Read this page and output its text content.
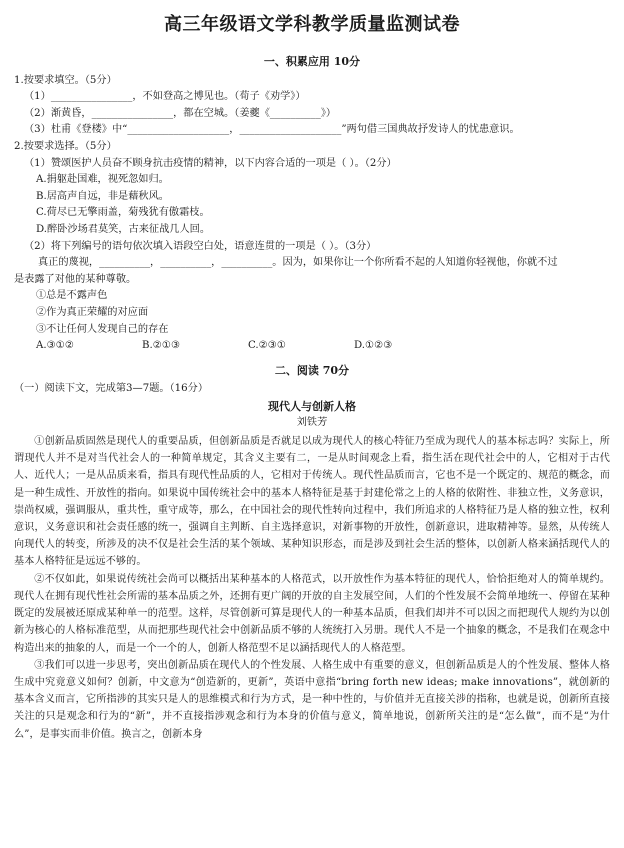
高三年级语文学科教学质量监测试卷
一、积累应用 10分
1.按要求填空。（5分）
（1）________________，不如登高之博见也。（荀子《劝学》）
（2）渐黄昏，________________，都在空城。（姜夔《__________》）
（3）杜甫《登楼》中“____________________，____________________”两句借三国典故抒发诗人的忧患意识。
2.按要求选择。（5分）
（1）赞颂医护人员奋不顾身抗击疫情的精神，以下内容合适的一项是（ ）。（2分）
A.捐躯赴国难，视死忽如归。
B.居高声自远，非是藉秋风。
C.荷尽已无擎雨盖，菊残犹有傲霜枝。
D.醉卧沙场君莫笑，古来征战几人回。
（2）将下列编号的语句依次填入语段空白处，语意连贯的一项是（ ）。（3分）
真正的蔑视，__________，__________，__________。因为，如果你让一个你所看不起的人知道你轻视他，你就不过
是表露了对他的某种尊敬。
①总是不露声色
②作为真正荣耀的对应面
③不让任何人发现自己的存在
A.③①②	B.②①③	C.②③①	D.①②③
二、阅读 70分
（一）阅读下文，完成第3—7题。（16分）
现代人与创新人格
刘铁芳

①创新品质固然是现代人的重要品质，但创新品质是否就足以成为现代人的核心特征乃至成为现代人的基本标志吗？实际上，所谓现代人并不是对当代社会人的一种简单规定，其含义主要有二，一是从时间观念上看，指生活在现代社会中的人，它相对于古代人、近代人；一是从品质来看，指具有现代性品质的人，它相对于传统人。现代性品质而言，它也不是一个既定的、规范的概念，而是一种生成性、开放性的指向。如果说中国传统社会中的基本人格特征是基于封建伦常之上的人格的依附性、非独立性，义务意识，崇尚权威，强调服从，重共性，重守成等，那么，在中国社会的现代性转向过程中，我们所追求的人格特征乃是人格的独立性，权利意识，义务意识和社会责任感的统一，强调自主判断、自主选择意识，对新事物的开放性，创新意识，进取精神等。显然，从传统人向现代人的转变，所涉及的决不仅是社会生活的某个领域、某种知识形态，而是涉及到社会生活的整体，以创新人格来涵括现代人的基本人格特征是远远不够的。

②不仅如此，如果说传统社会尚可以概括出某种基本的人格范式，以开放性作为基本特征的现代人，恰恰拒绝对人的简单规约。现代人在拥有现代性社会所需的基本品质之外，还拥有更广阔的开放的自主发展空间，人们的个性发展不会简单地统一、停留在某种既定的发展被还原成某种单一的范型。这样，尽管创新可算是现代人的一种基本品质，但我们却并不可以因之而把现代人规约为以创新为核心的人格标准范型，从而把那些现代社会中创新品质不够的人统统打入另册。现代人不是一个抽象的概念，不是我们在观念中构造出来的抽象的人，而是一个一个的人，创新人格范型不足以涵括现代人的人格范型。

③我们可以进一步思考，突出创新品质在现代人的个性发展、人格生成中有重要的意义，但创新品质是人的个性发展、整体人格生成中究竟意义如何？创新，中文意为“创造新的，更新”，英语中意指“bring forth new ideas; make innovations”，就创新的基本含义而言，它所指涉的其实只是人的思维模式和行为方式，是一种中性的，与价值并无直接关涉的指称，也就是说，创新所直接关注的只是观念和行为的“新”，并不直接指涉观念和行为本身的价值与意义，简单地说，创新所关注的是“怎么做”，而不是“为什么”，是事实而非价值。换言之，创新本身
